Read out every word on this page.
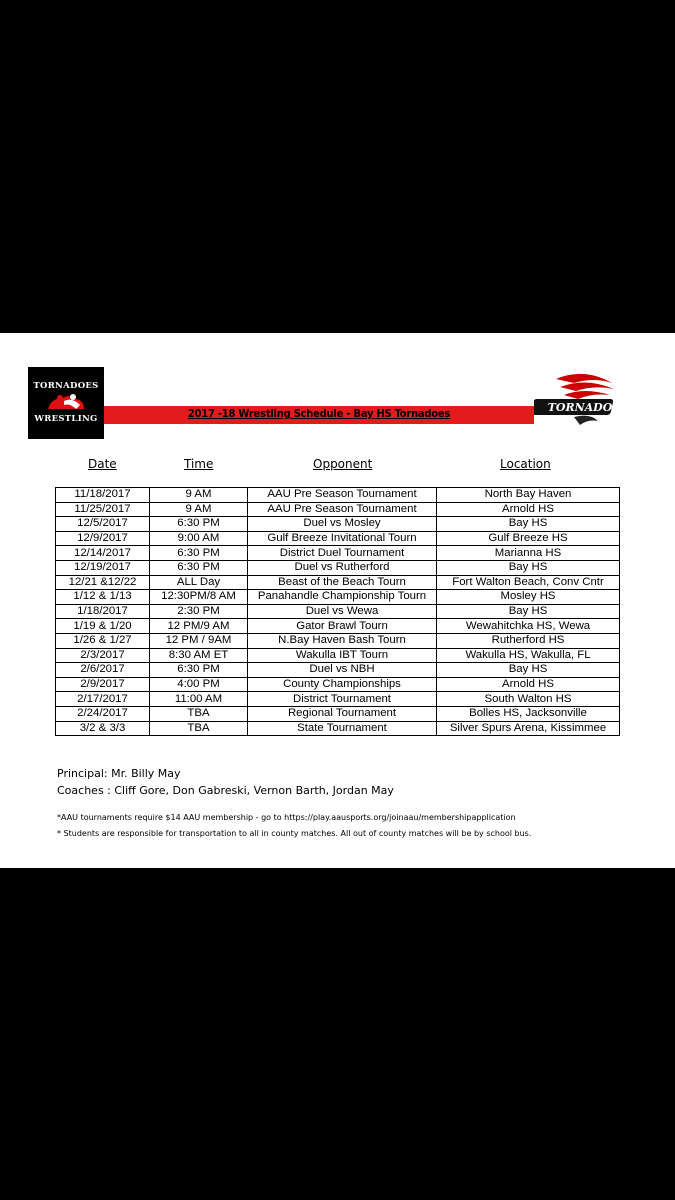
TORNADOES
WRESTLING	2017 -18 Wrestling Schedule - Bay HS Tornadoes	TORNADO
Date	Time	Opponent	Location
11/18/2017	9 AM	AAU Pre Season Tournament	North Bay Haven
11/25/2017	9 AM	AAU Pre Season Tournament	Arnold HS
12/5/2017	6:30 PM	Duel vs Mosley	Bay HS
12/9/2017	9:00 AM	Gulf Breeze Invitational Tourn	Gulf Breeze HS
12/14/2017	6:30 PM	District Duel Tournament	Marianna HS
12/19/2017	6:30 PM	Duel vs Rutherford	Bay HS
12/21 &12/22	ALL Day	Beast of the Beach Tourn	Fort Walton Beach, Conv Cntr
1/12 & 1/13	12:30PM/8 AM	Panahandle Championship Tourn	Mosley HS
1/18/2017	2:30 PM	Duel vs Wewa	Bay HS
1/19 & 1/20	12 PM/9 AM	Gator Brawl Tourn	Wewahitchka HS, Wewa
1/26 & 1/27	12 PM / 9AM	N.Bay Haven Bash Tourn	Rutherford HS
2/3/2017	8:30 AM ET	Wakulla IBT Tourn	Wakulla HS, Wakulla, FL
2/6/2017	6:30 PM	Duel vs NBH	Bay HS
2/9/2017	4:00 PM	County Championships	Arnold HS
2/17/2017	11:00 AM	District Tournament	South Walton HS
2/24/2017	TBA	Regional Tournament	Bolles HS, Jacksonville
3/2 & 3/3	TBA	State Tournament	Silver Spurs Arena, Kissimmee
Principal: Mr. Billy May
Coaches : Cliff Gore, Don Gabreski, Vernon Barth, Jordan May
*AAU tournaments require $14 AAU membership - go to https://play.aausports.org/joinaau/membershipapplication
* Students are responsible for transportation to all in county matches. All out of county matches will be by school bus.
